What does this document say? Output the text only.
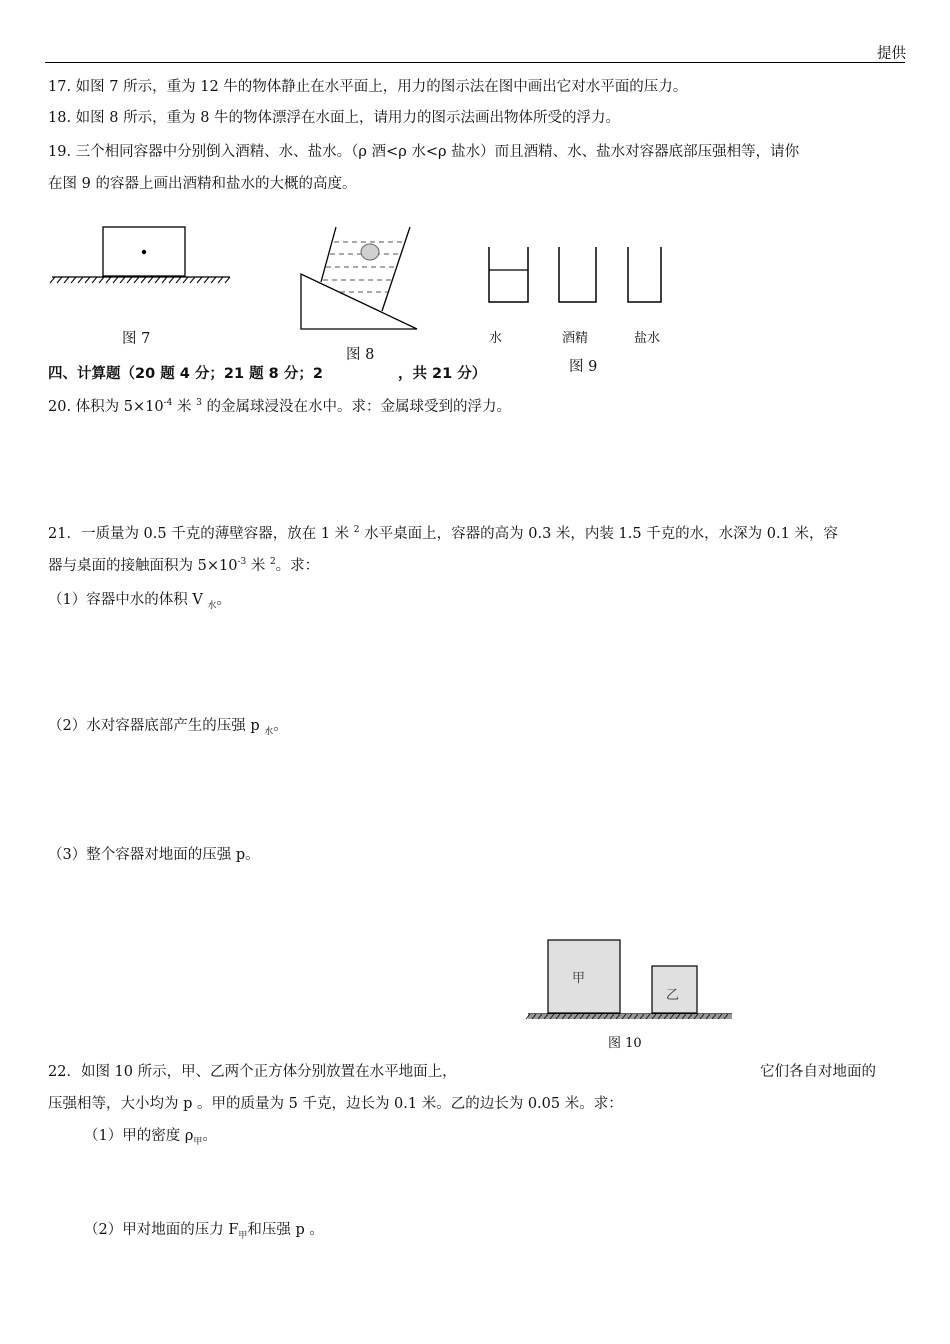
提供
17. 如图 7 所示，重为 12 牛的物体静止在水平面上，用力的图示法在图中画出它对水平面的压力。
18. 如图 8 所示，重为 8 牛的物体漂浮在水面上，请用力的图示法画出物体所受的浮力。
19. 三个相同容器中分别倒入酒精、水、盐水。（ρ 酒<ρ 水<ρ 盐水）而且酒精、水、盐水对容器底部压强相等，请你
在图 9 的容器上画出酒精和盐水的大概的高度。
图 7
图 8
水	酒精	盐水
图 9
四、计算题（20 题 4 分；21 题 8 分；2	，共 21 分）
20. 体积为 $5\times 10^{-4}$ 米 $^3$ 的金属球浸没在水中。求：金属球受到的浮力。
21．一质量为 0.5 千克的薄壁容器，放在 1 米 $^2$ 水平桌面上，容器的高为 0.3 米，内装 1.5 千克的水，水深为 0.1 米，容
器与桌面的接触面积为 $5\times 10^{-3}$ 米 $^2$。求：
（1）容器中水的体积 V $_水$。
（2）水对容器底部产生的压强 p $_水$。
（3）整个容器对地面的压强 p。
甲
乙
图 10
22．如图 10 所示，甲、乙两个正方体分别放置在水平地面上，	它们各自对地面的
压强相等，大小均为 p 。甲的质量为 5 千克，边长为 0.1 米。乙的边长为 0.05 米。求：
（1）甲的密度 $\rho_甲$。
（2）甲对地面的压力 $F_甲$和压强 p 。
